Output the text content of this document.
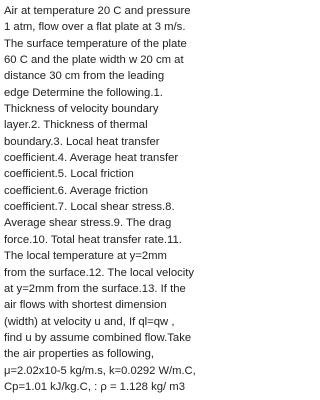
Air at temperature 20 C and pressure
1 atm, flow over a flat plate at 3 m/s.
The surface temperature of the plate
60 C and the plate width w 20 cm at
distance 30 cm from the leading
edge Determine the following.1.
Thickness of velocity boundary
layer.2. Thickness of thermal
boundary.3. Local heat transfer
coefficient.4. Average heat transfer
coefficient.5. Local friction
coefficient.6. Average friction
coefficient.7. Local shear stress.8.
Average shear stress.9. The drag
force.10. Total heat transfer rate.11.
The local temperature at y=2mm
from the surface.12. The local velocity
at y=2mm from the surface.13. If the
air flows with shortest dimension
(width) at velocity u and, If ql=qw ,
find u by assume combined flow.Take
the air properties as following,
μ=2.02x10-5 kg/m.s, k=0.0292 W/m.C,
Cp=1.01 kJ/kg.C, : ρ = 1.128 kg/ m3
